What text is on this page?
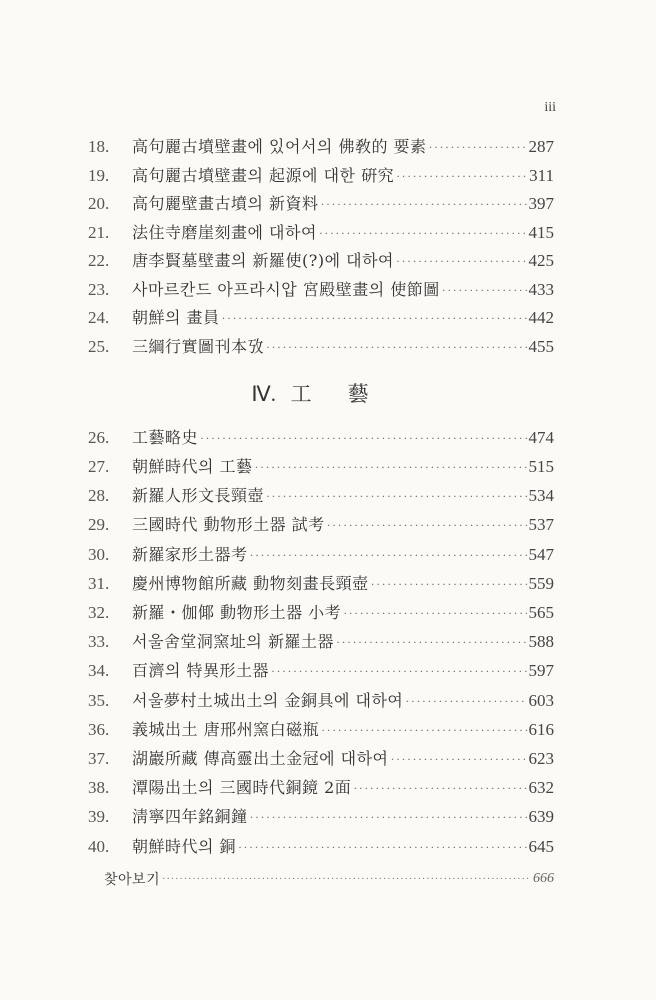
iii
18.	高句麗古墳壁畫에 있어서의 佛敎的 要素 ·····	287
19.	高句麗古墳壁畫의 起源에 대한 硏究 ·····	311
20.	高句麗壁畫古墳의 新資料 ·····	397
21.	法住寺磨崖刻畫에 대하여 ·····	415
22.	唐李賢墓壁畫의 新羅使(?)에 대하여 ·····	425
23.	사마르칸드 아프라시압 宮殿壁畫의 使節圖 ·····	433
24.	朝鮮의 畫員 ·····	442
25.	三綱行實圖刊本攷 ·····	455
Ⅳ. 工藝
26.	工藝略史 ·····	474
27.	朝鮮時代의 工藝 ·····	515
28.	新羅人形文長頸壺 ·····	534
29.	三國時代 動物形土器 試考 ·····	537
30.	新羅家形土器考 ·····	547
31.	慶州博物館所藏 動物刻畫長頸壺 ·····	559
32.	新羅・伽倻 動物形土器 小考 ·····	565
33.	서울舍堂洞窯址의 新羅土器 ·····	588
34.	百濟의 特異形土器 ·····	597
35.	서울夢村土城出土의 金銅具에 대하여 ·····	603
36.	義城出土 唐邢州窯白磁瓶 ·····	616
37.	湖巖所藏 傳高靈出土金冠에 대하여 ·····	623
38.	潭陽出土의 三國時代銅鏡 2面 ·····	632
39.	淸寧四年銘銅鐘 ·····	639
40.	朝鮮時代의 銅 ·····	645
찾아보기 ·····	666
